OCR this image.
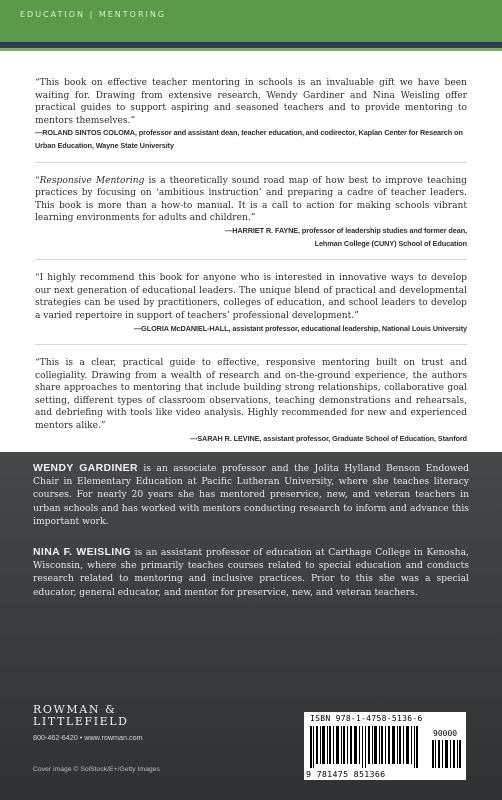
EDUCATION | MENTORING
“This book on effective teacher mentoring in schools is an invaluable gift we have been waiting for. Drawing from extensive research, Wendy Gardiner and Nina Weisling offer practical guides to support aspiring and seasoned teachers and to provide mentoring to mentors themselves.”
—ROLAND SINTOS COLOMA, professor and assistant dean, teacher education, and codirector, Kaplan Center for Research on Urban Education, Wayne State University
“Responsive Mentoring is a theoretically sound road map of how best to improve teaching practices by focusing on ‘ambitious instruction’ and preparing a cadre of teacher leaders. This book is more than a how-to manual. It is a call to action for making schools vibrant learning environments for adults and children.”
—HARRIET R. FAYNE, professor of leadership studies and former dean,
Lehman College (CUNY) School of Education
“I highly recommend this book for anyone who is interested in innovative ways to develop our next generation of educational leaders. The unique blend of practical and developmental strategies can be used by practitioners, colleges of education, and school leaders to develop a varied repertoire in support of teachers’ professional development.”
—GLORIA McDANIEL-HALL, assistant professor, educational leadership, National Louis University
“This is a clear, practical guide to effective, responsive mentoring built on trust and collegiality. Drawing from a wealth of research and on-the-ground experience, the authors share approaches to mentoring that include building strong relationships, collaborative goal setting, different types of classroom observations, teaching demonstrations and rehearsals, and debriefing with tools like video analysis. Highly recommended for new and experienced mentors alike.”
—SARAH R. LEVINE, assistant professor, Graduate School of Education, Stanford
WENDY GARDINER is an associate professor and the Jolita Hylland Benson Endowed Chair in Elementary Education at Pacific Lutheran University, where she teaches literacy courses. For nearly 20 years she has mentored preservice, new, and veteran teachers in urban schools and has worked with mentors conducting research to inform and advance this important work.
NINA F. WEISLING is an assistant professor of education at Carthage College in Kenosha, Wisconsin, where she primarily teaches courses related to special education and conducts research related to mentoring and inclusive practices. Prior to this she was a special educator, general educator, and mentor for preservice, new, and veteran teachers.
ROWMAN &
LITTLEFIELD
800-462-6420 • www.rowman.com
Cover image © SolStock/E+/Getty Images
ISBN 978-1-4758-5136-6
90000
9 781475 851366
